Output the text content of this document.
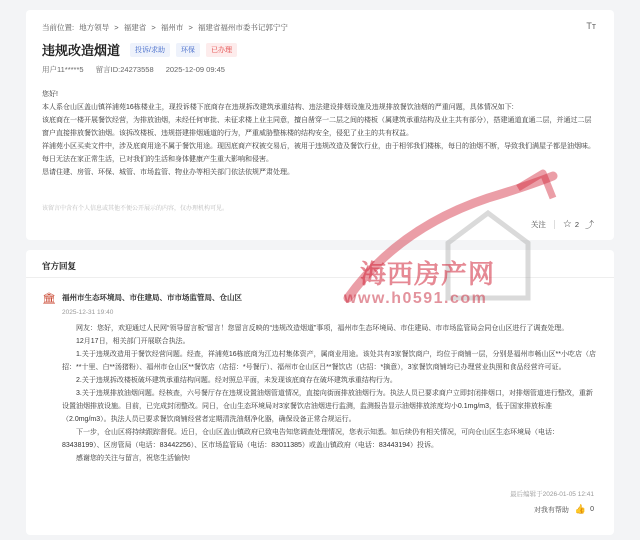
当前位置: 地方领导 > 福建省 > 福州市 > 福建省福州市委书记郭宁宁	Tт
违规改造烟道	投诉/求助	环保	已办理
用户11*****5 留言ID:24273558 2025-12-09 09:45

您好!

本人系仓山区盖山镇祥浦苑16栋楼业主，现投诉楼下底商存在违规拆改建筑承重结构、违法建设排烟设施及违规排放餐饮油烟的严重问题，具体情况如下:

该底商在一楼开展餐饮经营，为排放油烟，未经任何审批、未征求楼上业主同意，擅自凿穿一二层之间的楼板（属建筑承重结构及业主共有部分），搭建通道直通二层，并通过二层窗户直接排放餐饮油烟。该拆改楼板、违规搭建排烟通道的行为，严重威胁整栋楼的结构安全，侵犯了业主的共有权益。

祥浦苑小区买卖文件中，涉及底商用途不属于餐饮用途。现因底商产权被交易后，被用于违规改造及餐饮行业，由于相邻我们楼栋，每日的油烟不断，导致我们满屋子都是油烟味。每日无法在家正常生活，已对我们的生活和身体健康产生重大影响和侵害。

恳请住建、房管、环保、城管、市场监管、物业办等相关部门依法依规严肃处理。

该留言中含有个人信息或其他不便公开展示的内容，仅办理机构可见。
关注 ☆ 2 ⤴
官方回复
🏛 福州市生态环境局、市住建局、市市场监管局、仓山区
2025-12-31 19:40

网友：您好，欢迎通过人民网“领导留言板”留言！您留言反映的“违规改造烟道”事项，福州市生态环境局、市住建局、市市场监管局会同仓山区进行了调查处理。

12月17日，相关部门开展联合执法。

1.关于违规改造用于餐饮经营问题。经查，祥浦苑16栋底商为江边村集体资产，属商业用途。该处共有3家餐饮商户，均位于商铺一层，分别是福州市畅山区**小吃店（店招：**十里、白**汤猪粉）、福州市仓山区**餐饮店（店招：*号餐厅）、福州市仓山区吕**餐饮店（店招：*摘意），3家餐饮商铺均已办理营业执照和食品经营许可证。

2.关于违规拆改楼板破坏建筑承重结构问题。经对照总平面，未发现该底商存在破坏建筑承重结构行为。

3.关于违规排放油烟问题。经核查，六号餐厅存在违规设置油烟管道情况，直接向街面排放油烟行为。执法人员已要求商户立即封闭排烟口，对排烟管道进行整改，重新设置油烟排放设施。目前，已完成封闭整改。同日，仓山生态环境局对3家餐饮店油烟进行监测，监测报告显示油烟排放浓度均小0.1mg/m3，低于国家排放标准（2.0mg/m3）。执法人员已要求餐饮商铺经营者定期清洗油烟净化器，确保设备正常合规运行。

下一步，仓山区将持续跟踪督促。近日，仓山区盖山镇政府已致电告知您调查处理情况，您表示知悉。如后续仍有相关情况，可向仓山区生态环境局（电话：83438199）、区房管局（电话：83442256）、区市场监管局（电话：83011385）或盖山镇政府（电话：83443194）投诉。

感谢您的关注与留言，祝您生活愉快!

最后编辑于2026-01-05 12:41
对我有帮助 👍 0
海西房产网
www.h0591.com
